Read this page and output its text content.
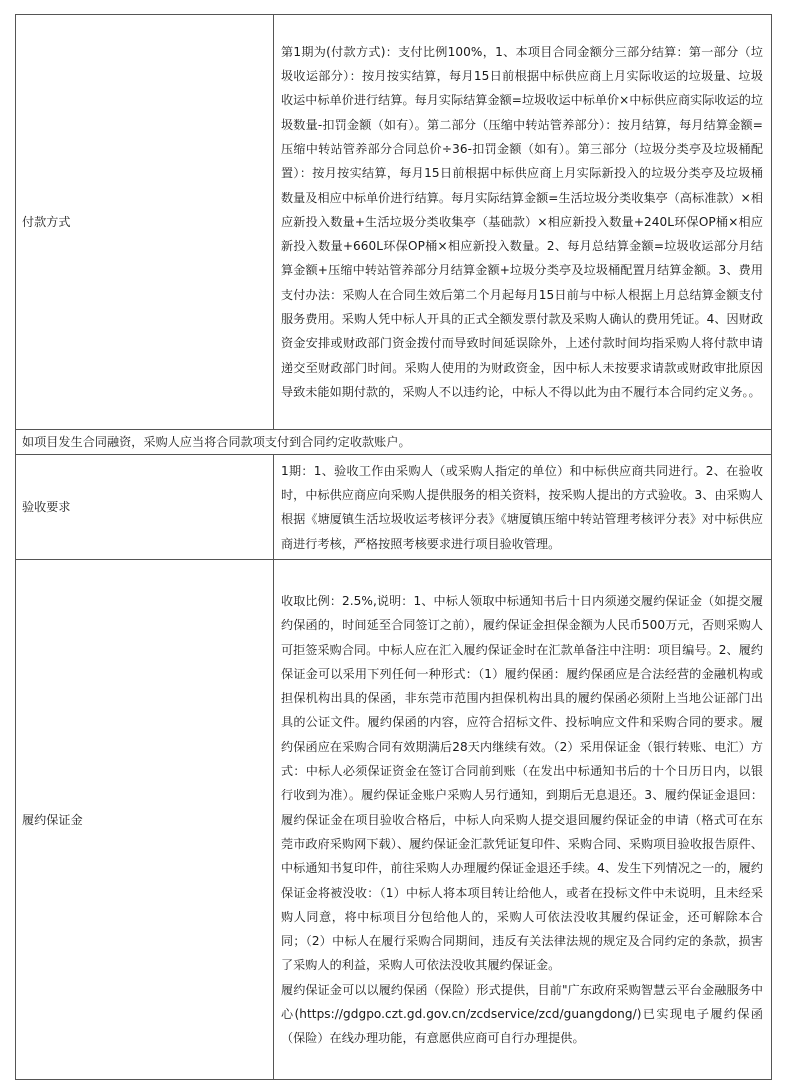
付款方式	第1期为(付款方式)：支付比例100%，1、本项目合同金额分三部分结算：第一部分（垃圾收运部分）：按月按实结算，每月15日前根据中标供应商上月实际收运的垃圾量、垃圾收运中标单价进行结算。每月实际结算金额=垃圾收运中标单价×中标供应商实际收运的垃圾数量-扣罚金额（如有）。第二部分（压缩中转站管养部分）：按月结算，每月结算金额=压缩中转站管养部分合同总价÷36-扣罚金额（如有）。第三部分（垃圾分类亭及垃圾桶配置）：按月按实结算，每月15日前根据中标供应商上月实际新投入的垃圾分类亭及垃圾桶数量及相应中标单价进行结算。每月实际结算金额=生活垃圾分类收集亭（高标准款）×相应新投入数量+生活垃圾分类收集亭（基础款）×相应新投入数量+240L环保OP桶×相应新投入数量+660L环保OP桶×相应新投入数量。2、每月总结算金额=垃圾收运部分月结算金额+压缩中转站管养部分月结算金额+垃圾分类亭及垃圾桶配置月结算金额。3、费用支付办法：采购人在合同生效后第二个月起每月15日前与中标人根据上月总结算金额支付服务费用。采购人凭中标人开具的正式全额发票付款及采购人确认的费用凭证。4、因财政资金安排或财政部门资金拨付而导致时间延误除外，上述付款时间均指采购人将付款申请递交至财政部门时间。采购人使用的为财政资金，因中标人未按要求请款或财政审批原因导致未能如期付款的，采购人不以违约论，中标人不得以此为由不履行本合同约定义务。。
如项目发生合同融资，采购人应当将合同款项支付到合同约定收款账户。	
验收要求	1期：1、验收工作由采购人（或采购人指定的单位）和中标供应商共同进行。2、在验收时，中标供应商应向采购人提供服务的相关资料，按采购人提出的方式验收。3、由采购人根据《塘厦镇生活垃圾收运考核评分表》《塘厦镇压缩中转站管理考核评分表》对中标供应商进行考核，严格按照考核要求进行项目验收管理。
履约保证金	收取比例：2.5%,说明：1、中标人领取中标通知书后十日内须递交履约保证金（如提交履约保函的，时间延至合同签订之前），履约保证金担保金额为人民币500万元，否则采购人可拒签采购合同。中标人应在汇入履约保证金时在汇款单备注中注明：项目编号。2、履约保证金可以采用下列任何一种形式：（1）履约保函：履约保函应是合法经营的金融机构或担保机构出具的保函，非东莞市范围内担保机构出具的履约保函必须附上当地公证部门出具的公证文件。履约保函的内容，应符合招标文件、投标响应文件和采购合同的要求。履约保函应在采购合同有效期满后28天内继续有效。（2）采用保证金（银行转账、电汇）方式：中标人必须保证资金在签订合同前到账（在发出中标通知书后的十个日历日内，以银行收到为准）。履约保证金账户采购人另行通知，到期后无息退还。3、履约保证金退回：履约保证金在项目验收合格后，中标人向采购人提交退回履约保证金的申请（格式可在东莞市政府采购网下载）、履约保证金汇款凭证复印件、采购合同、采购项目验收报告原件、中标通知书复印件，前往采购人办理履约保证金退还手续。4、发生下列情况之一的，履约保证金将被没收：（1）中标人将本项目转让给他人，或者在投标文件中未说明，且未经采购人同意，将中标项目分包给他人的，采购人可依法没收其履约保证金，还可解除本合同；（2）中标人在履行采购合同期间，违反有关法律法规的规定及合同约定的条款，损害了采购人的利益，采购人可依法没收其履约保证金。
履约保证金可以以履约保函（保险）形式提供，目前"广东政府采购智慧云平台金融服务中心(https://gdgpo.czt.gd.gov.cn/zcdservice/zcd/guangdong/)已实现电子履约保函（保险）在线办理功能，有意愿供应商可自行办理提供。
